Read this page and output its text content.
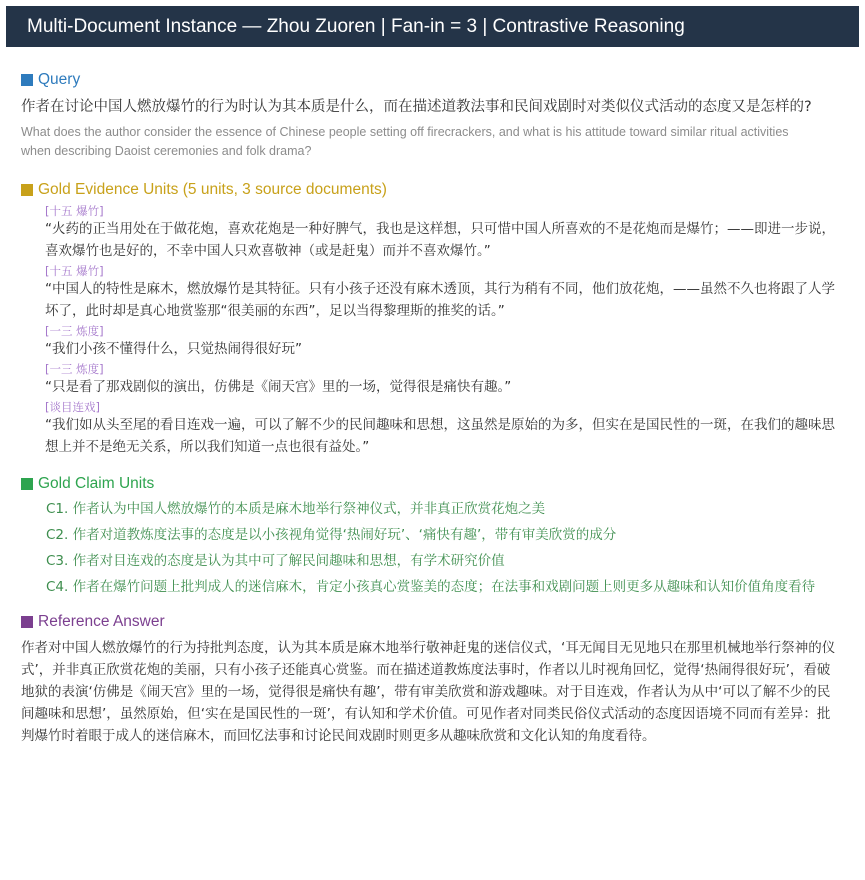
Multi-Document Instance — Zhou Zuoren | Fan-in = 3 | Contrastive Reasoning
Query
作者在讨论中国人燃放爆竹的行为时认为其本质是什么，而在描述道教法事和民间戏剧时对类似仪式活动的态度又是怎样的?
What does the author consider the essence of Chinese people setting off firecrackers, and what is his attitude toward similar ritual activities when describing Daoist ceremonies and folk drama?
Gold Evidence Units (5 units, 3 source documents)
[十五 爆竹]
“火药的正当用处在于做花炮，喜欢花炮是一种好脾气，我也是这样想，只可惜中国人所喜欢的不是花炮而是爆竹；——即进一步说，喜欢爆竹也是好的，不幸中国人只欢喜敬神（或是赶鬼）而并不喜欢爆竹。”
[十五 爆竹]
“中国人的特性是麻木，燃放爆竹是其特征。只有小孩子还没有麻木透顶，其行为稍有不同，他们放花炮，——虽然不久也将跟了人学坏了，此时却是真心地赏鉴那“很美丽的东西”，足以当得黎理斯的推奖的话。”
[一三 炼度]
“我们小孩不懂得什么，只觉热闹得很好玩”
[一三 炼度]
“只是看了那戏剧似的演出，仿佛是《闹天宫》里的一场，觉得很是痛快有趣。”
[谈目连戏]
“我们如从头至尾的看目连戏一遍，可以了解不少的民间趣味和思想，这虽然是原始的为多，但实在是国民性的一斑，在我们的趣味思想上并不是绝无关系，所以我们知道一点也很有益处。”
Gold Claim Units
C1. 作者认为中国人燃放爆竹的本质是麻木地举行祭神仪式，并非真正欣赏花炮之美
C2. 作者对道教炼度法事的态度是以小孩视角觉得‘热闹好玩’、‘痛快有趣’，带有审美欣赏的成分
C3. 作者对目连戏的态度是认为其中可了解民间趣味和思想，有学术研究价值
C4. 作者在爆竹问题上批判成人的迷信麻木，肯定小孩真心赏鉴美的态度；在法事和戏剧问题上则更多从趣味和认知价值角度看待
Reference Answer
作者对中国人燃放爆竹的行为持批判态度，认为其本质是麻木地举行敬神赶鬼的迷信仪式，‘耳无闻目无见地只在那里机械地举行祭神的仪式’，并非真正欣赏花炮的美丽，只有小孩子还能真心赏鉴。而在描述道教炼度法事时，作者以儿时视角回忆，觉得‘热闹得很好玩’，看破地狱的表演‘仿佛是《闹天宫》里的一场，觉得很是痛快有趣’，带有审美欣赏和游戏趣味。对于目连戏，作者认为从中‘可以了解不少的民间趣味和思想’，虽然原始，但‘实在是国民性的一斑’，有认知和学术价值。可见作者对同类民俗仪式活动的态度因语境不同而有差异：批判爆竹时着眼于成人的迷信麻木，而回忆法事和讨论民间戏剧时则更多从趣味欣赏和文化认知的角度看待。
